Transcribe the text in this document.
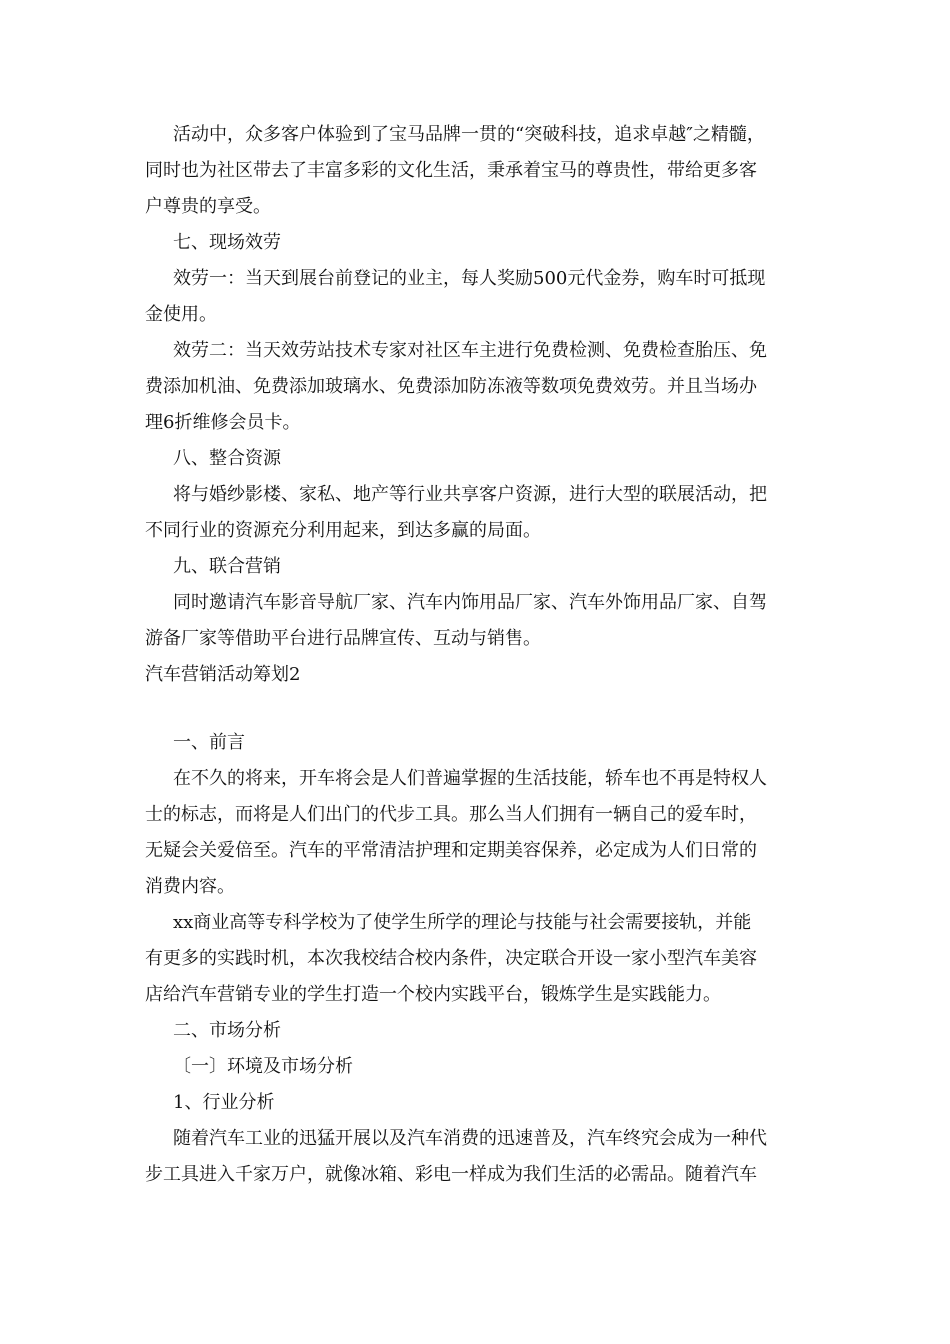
活动中，众多客户体验到了宝马品牌一贯的“突破科技，追求卓越″之精髓，
同时也为社区带去了丰富多彩的文化生活，秉承着宝马的尊贵性，带给更多客
户尊贵的享受。
七、现场效劳
效劳一：当天到展台前登记的业主，每人奖励500元代金券，购车时可抵现
金使用。
效劳二：当天效劳站技术专家对社区车主进行免费检测、免费检查胎压、免
费添加机油、免费添加玻璃水、免费添加防冻液等数项免费效劳。并且当场办
理6折维修会员卡。
八、整合资源
将与婚纱影楼、家私、地产等行业共享客户资源，进行大型的联展活动，把
不同行业的资源充分利用起来，到达多赢的局面。
九、联合营销
同时邀请汽车影音导航厂家、汽车内饰用品厂家、汽车外饰用品厂家、自驾
游备厂家等借助平台进行品牌宣传、互动与销售。
汽车营销活动筹划2
一、前言
在不久的将来，开车将会是人们普遍掌握的生活技能，轿车也不再是特权人
士的标志，而将是人们出门的代步工具。那么当人们拥有一辆自己的爱车时，
无疑会关爱倍至。汽车的平常清洁护理和定期美容保养，必定成为人们日常的
消费内容。
xx商业高等专科学校为了使学生所学的理论与技能与社会需要接轨，并能
有更多的实践时机，本次我校结合校内条件，决定联合开设一家小型汽车美容
店给汽车营销专业的学生打造一个校内实践平台，锻炼学生是实践能力。
二、市场分析
〔一〕环境及市场分析
1、行业分析
随着汽车工业的迅猛开展以及汽车消费的迅速普及，汽车终究会成为一种代
步工具进入千家万户，就像冰箱、彩电一样成为我们生活的必需品。随着汽车
